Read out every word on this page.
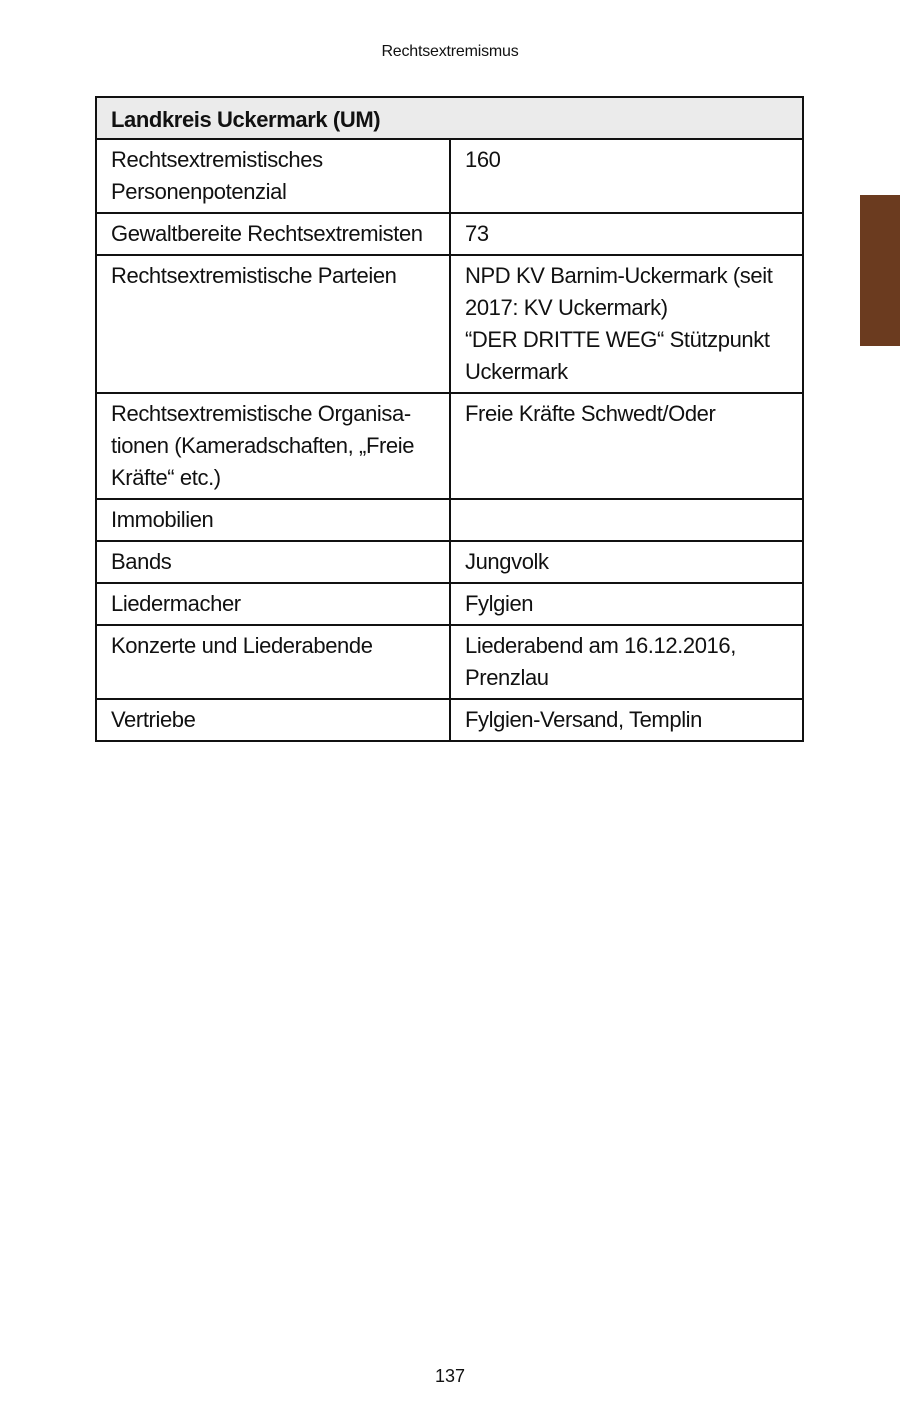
Rechtsextremismus
Landkreis Uckermark (UM)	

Rechtsextremistisches
Personenpotenzial	160

Gewaltbereite Rechtsextremisten	73

Rechtsextremistische Parteien	NPD KV Barnim-Uckermark (seit
2017: KV Uckermark)
“DER DRITTE WEG“ Stützpunkt
Uckermark

Rechtsextremistische Organisa-
tionen (Kameradschaften, „Freie
Kräfte“ etc.)	Freie Kräfte Schwedt/Oder

Immobilien	

Bands	Jungvolk

Liedermacher	Fylgien

Konzerte und Liederabende	Liederabend am 16.12.2016,
Prenzlau

Vertriebe	Fylgien-Versand, Templin
137
